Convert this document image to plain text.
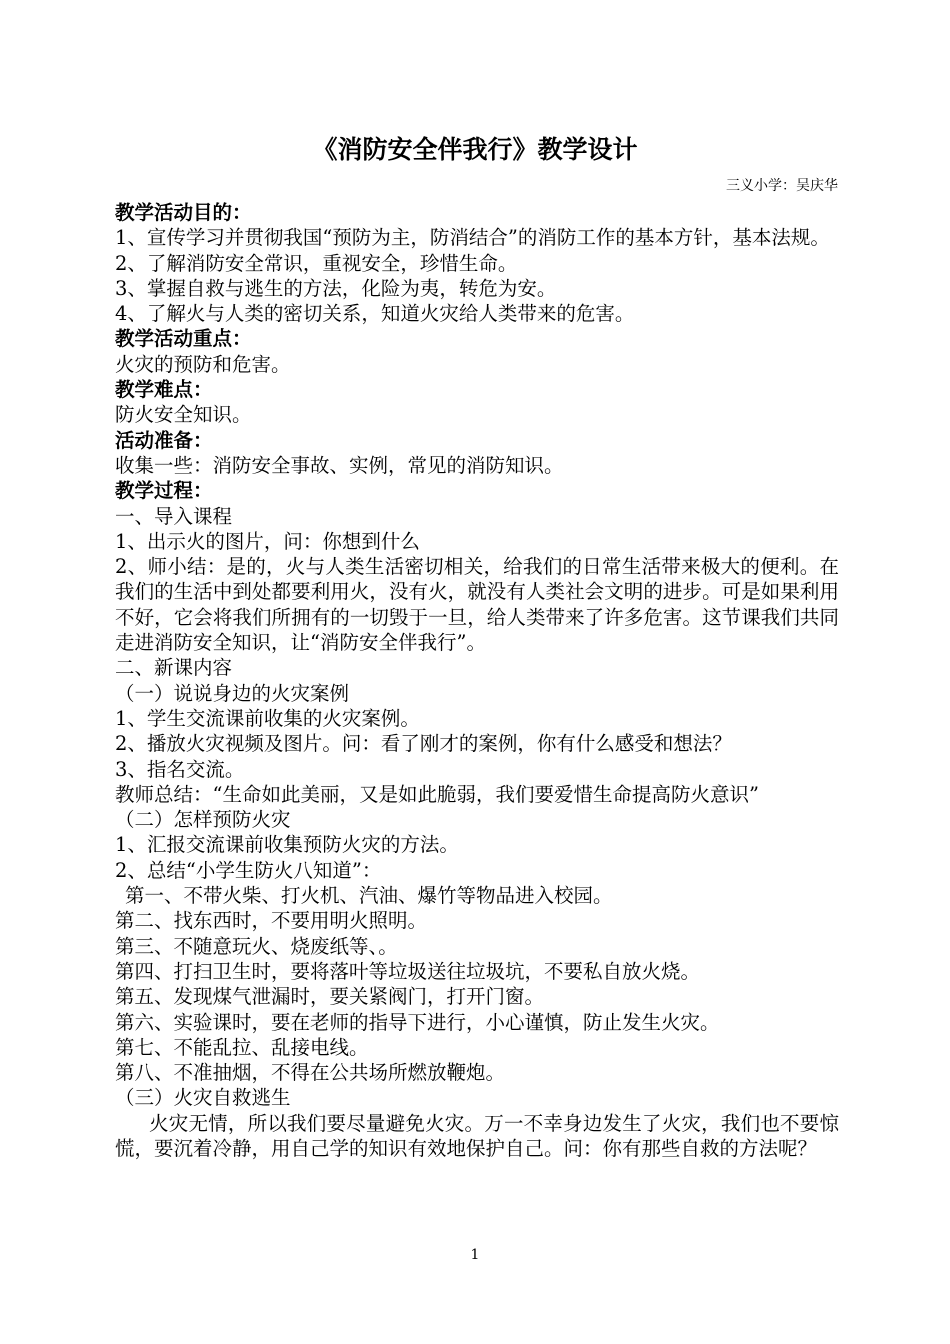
《消防安全伴我行》教学设计
三义小学：吴庆华

教学活动目的：

1、宣传学习并贯彻我国“预防为主，防消结合”的消防工作的基本方针，基本法规。

2、了解消防安全常识，重视安全，珍惜生命。

3、掌握自救与逃生的方法，化险为夷，转危为安。

4、了解火与人类的密切关系，知道火灾给人类带来的危害。

教学活动重点：

火灾的预防和危害。

教学难点：

防火安全知识。

活动准备：

收集一些：消防安全事故、实例，常见的消防知识。

教学过程：

一、导入课程

1、出示火的图片，问：你想到什么

2、师小结：是的，火与人类生活密切相关，给我们的日常生活带来极大的便利。在我们的生活中到处都要利用火，没有火，就没有人类社会文明的进步。可是如果利用不好，它会将我们所拥有的一切毁于一旦，给人类带来了许多危害。这节课我们共同走进消防安全知识，让“消防安全伴我行”。

二、新课内容

（一）说说身边的火灾案例

1、学生交流课前收集的火灾案例。

2、播放火灾视频及图片。问：看了刚才的案例，你有什么感受和想法？

3、指名交流。

教师总结：“生命如此美丽，又是如此脆弱，我们要爱惜生命提高防火意识”

（二）怎样预防火灾

1、汇报交流课前收集预防火灾的方法。

2、总结“小学生防火八知道”：

第一、不带火柴、打火机、汽油、爆竹等物品进入校园。

第二、找东西时，不要用明火照明。

第三、不随意玩火、烧废纸等、。

第四、打扫卫生时，要将落叶等垃圾送往垃圾坑，不要私自放火烧。

第五、发现煤气泄漏时，要关紧阀门，打开门窗。

第六、实验课时，要在老师的指导下进行，小心谨慎，防止发生火灾。

第七、不能乱拉、乱接电线。

第八、不准抽烟，不得在公共场所燃放鞭炮。

（三）火灾自救逃生

火灾无情，所以我们要尽量避免火灾。万一不幸身边发生了火灾，我们也不要惊慌，要沉着冷静，用自己学的知识有效地保护自己。问：你有那些自救的方法呢？

1
